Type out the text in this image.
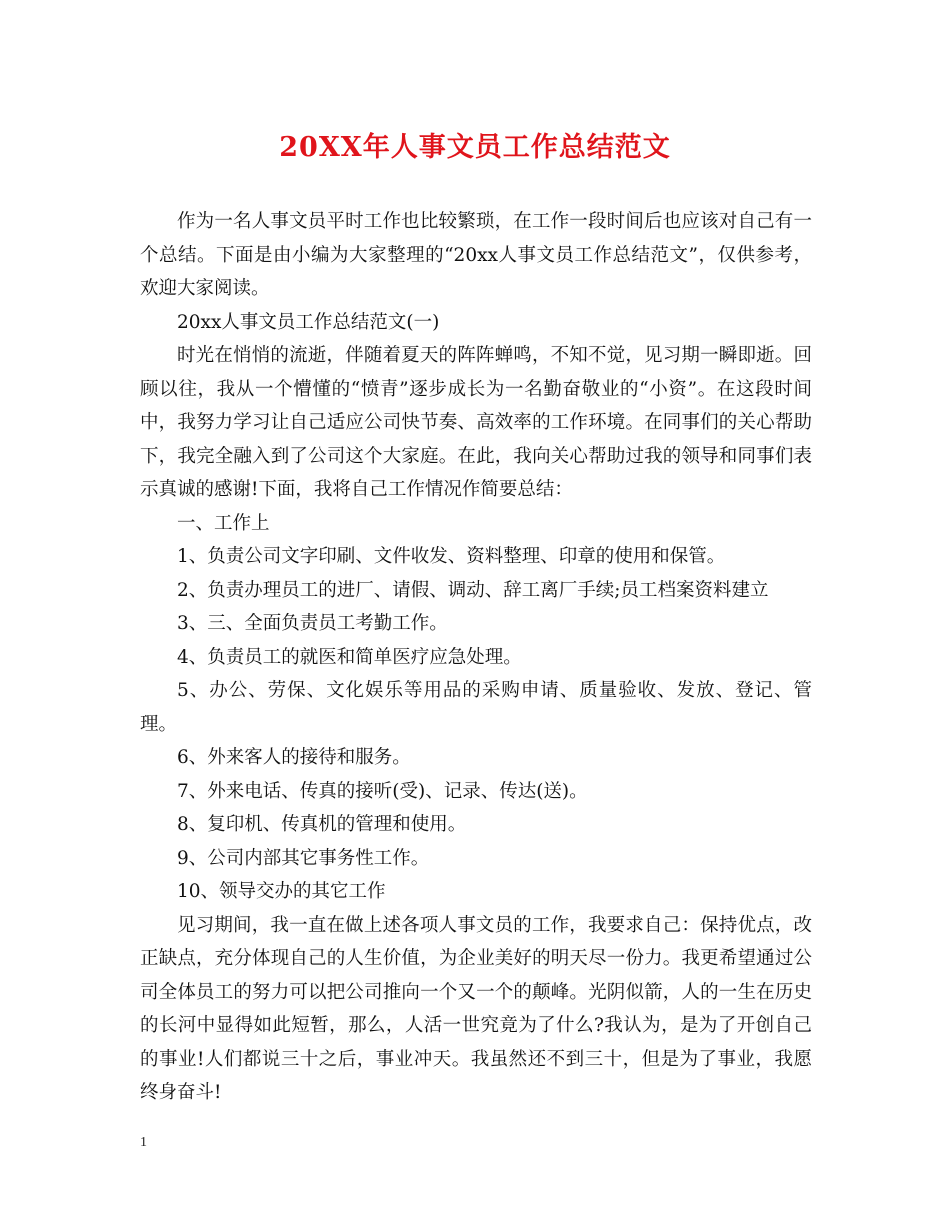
20XX年人事文员工作总结范文

作为一名人事文员平时工作也比较繁琐，在工作一段时间后也应该对自己有一个总结。下面是由小编为大家整理的“20xx人事文员工作总结范文”，仅供参考，欢迎大家阅读。

20xx人事文员工作总结范文(一)

时光在悄悄的流逝，伴随着夏天的阵阵蝉鸣，不知不觉，见习期一瞬即逝。回顾以往，我从一个懵懂的“愤青”逐步成长为一名勤奋敬业的“小资”。在这段时间中，我努力学习让自己适应公司快节奏、高效率的工作环境。在同事们的关心帮助下，我完全融入到了公司这个大家庭。在此，我向关心帮助过我的领导和同事们表示真诚的感谢!下面，我将自己工作情况作简要总结：

一、工作上

1、负责公司文字印刷、文件收发、资料整理、印章的使用和保管。

2、负责办理员工的进厂、请假、调动、辞工离厂手续;员工档案资料建立

3、三、全面负责员工考勤工作。

4、负责员工的就医和简单医疗应急处理。

5、办公、劳保、文化娱乐等用品的采购申请、质量验收、发放、登记、管理。

6、外来客人的接待和服务。

7、外来电话、传真的接听(受)、记录、传达(送)。

8、复印机、传真机的管理和使用。

9、公司内部其它事务性工作。

10、领导交办的其它工作

见习期间，我一直在做上述各项人事文员的工作，我要求自己：保持优点，改正缺点，充分体现自己的人生价值，为企业美好的明天尽一份力。我更希望通过公司全体员工的努力可以把公司推向一个又一个的颠峰。光阴似箭，人的一生在历史的长河中显得如此短暂，那么，人活一世究竟为了什么?我认为，是为了开创自己的事业!人们都说三十之后，事业冲天。我虽然还不到三十，但是为了事业，我愿终身奋斗!

1
